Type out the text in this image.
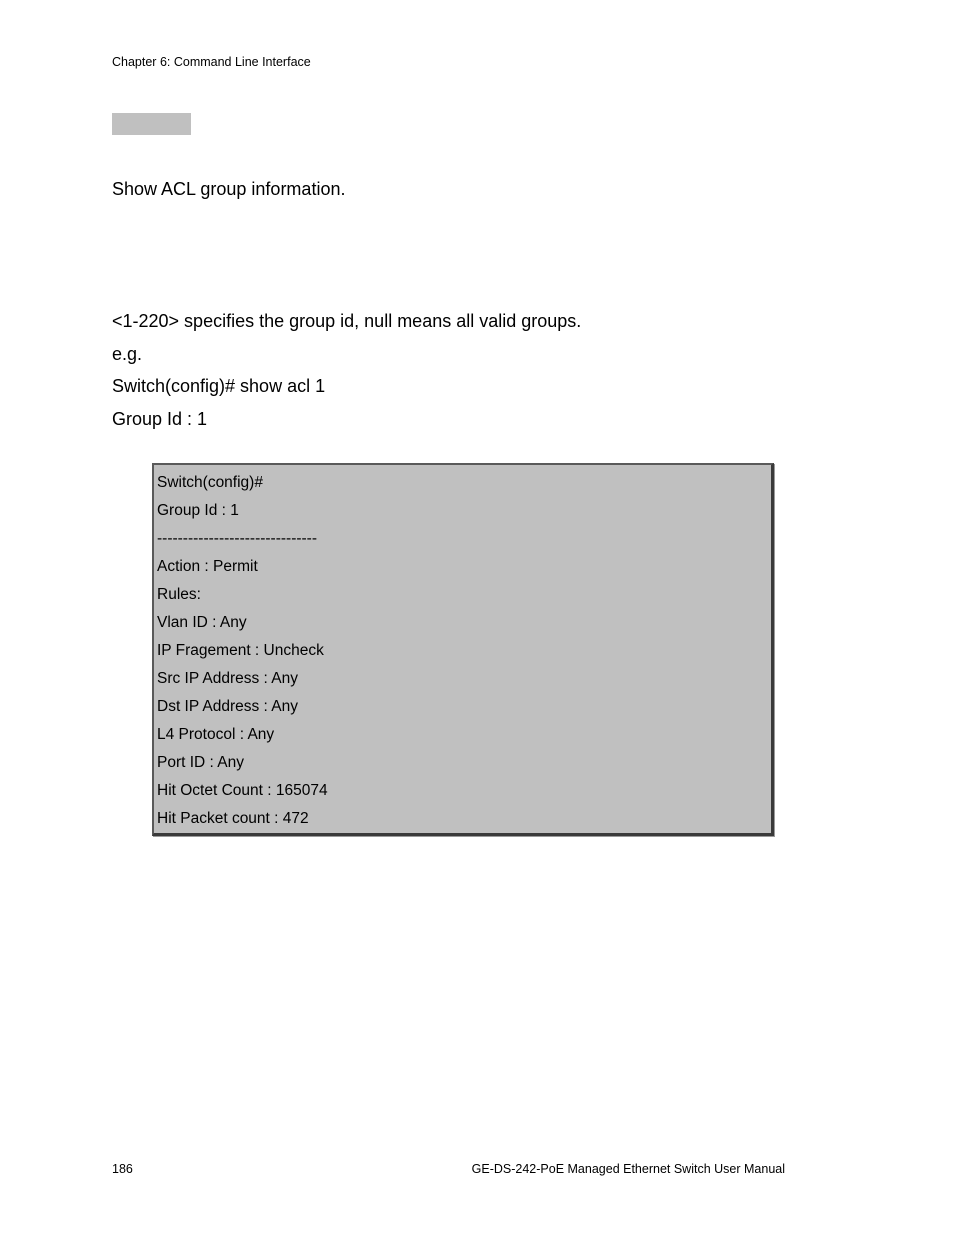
Chapter 6: Command Line Interface
Show ACL group information.
<1-220> specifies the group id, null means all valid groups.
e.g.
Switch(config)# show acl 1
Group Id : 1
Switch(config)#
Group Id : 1
-------------------------------
Action : Permit
Rules:
Vlan ID : Any
IP Fragement : Uncheck
Src IP Address : Any
Dst IP Address : Any
L4 Protocol : Any
Port ID : Any
Hit Octet Count : 165074
Hit Packet count : 472
186	GE-DS-242-PoE Managed Ethernet Switch User Manual
